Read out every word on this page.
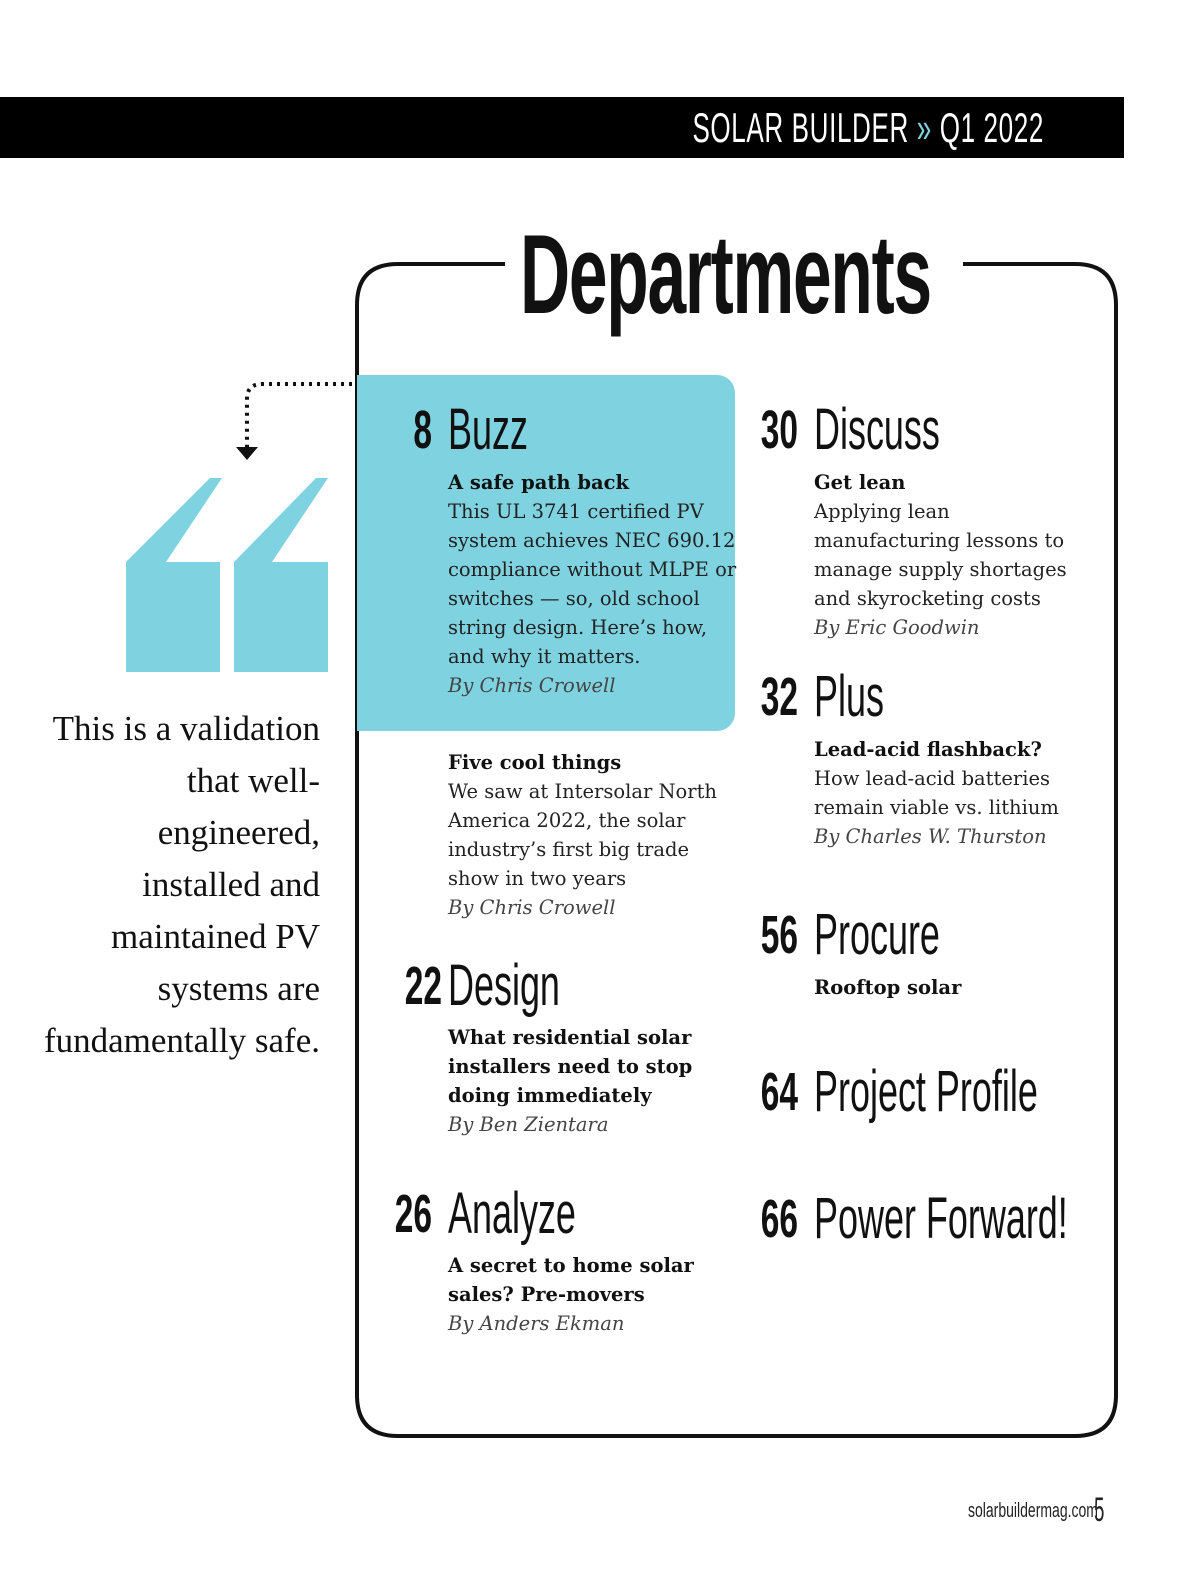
SOLAR BUILDER » Q1 2022
Departments
This is a validation that well-engineered, installed and maintained PV systems are fundamentally safe.
8 Buzz
A safe path back
This UL 3741 certified PV system achieves NEC 690.12 compliance without MLPE or switches — so, old school string design. Here’s how, and why it matters.
By Chris Crowell
Five cool things
We saw at Intersolar North America 2022, the solar industry’s first big trade show in two years
By Chris Crowell
22 Design
What residential solar installers need to stop doing immediately
By Ben Zientara
26 Analyze
A secret to home solar sales? Pre-movers
By Anders Ekman
30 Discuss
Get lean
Applying lean manufacturing lessons to manage supply shortages and skyrocketing costs
By Eric Goodwin
32 Plus
Lead-acid flashback?
How lead-acid batteries remain viable vs. lithium
By Charles W. Thurston
56 Procure
Rooftop solar
64 Project Profile
66 Power Forward!
solarbuildermag.com
5
